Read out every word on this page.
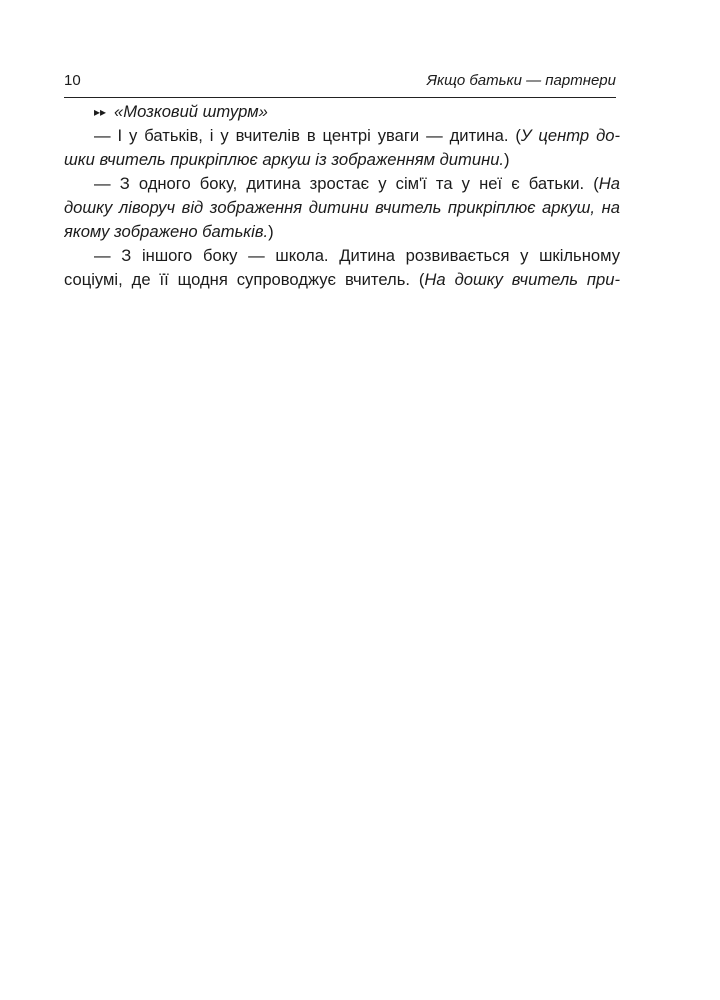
10	Якщо батьки — партнери
▸▸ «Мозковий штурм»
— І у батьків, і у вчителів в центрі уваги — дитина. (У центр до-
шки вчитель прикріплює аркуш із зображенням дитини.)
— З одного боку, дитина зростає у сім'ї та у неї є батьки. (На
дошку ліворуч від зображення дитини вчитель прикріплює аркуш, на
якому зображено батьків.)
— З іншого боку — школа. Дитина розвивається у шкільному
соціумі, де її щодня супроводжує вчитель. (На дошку вчитель при-
